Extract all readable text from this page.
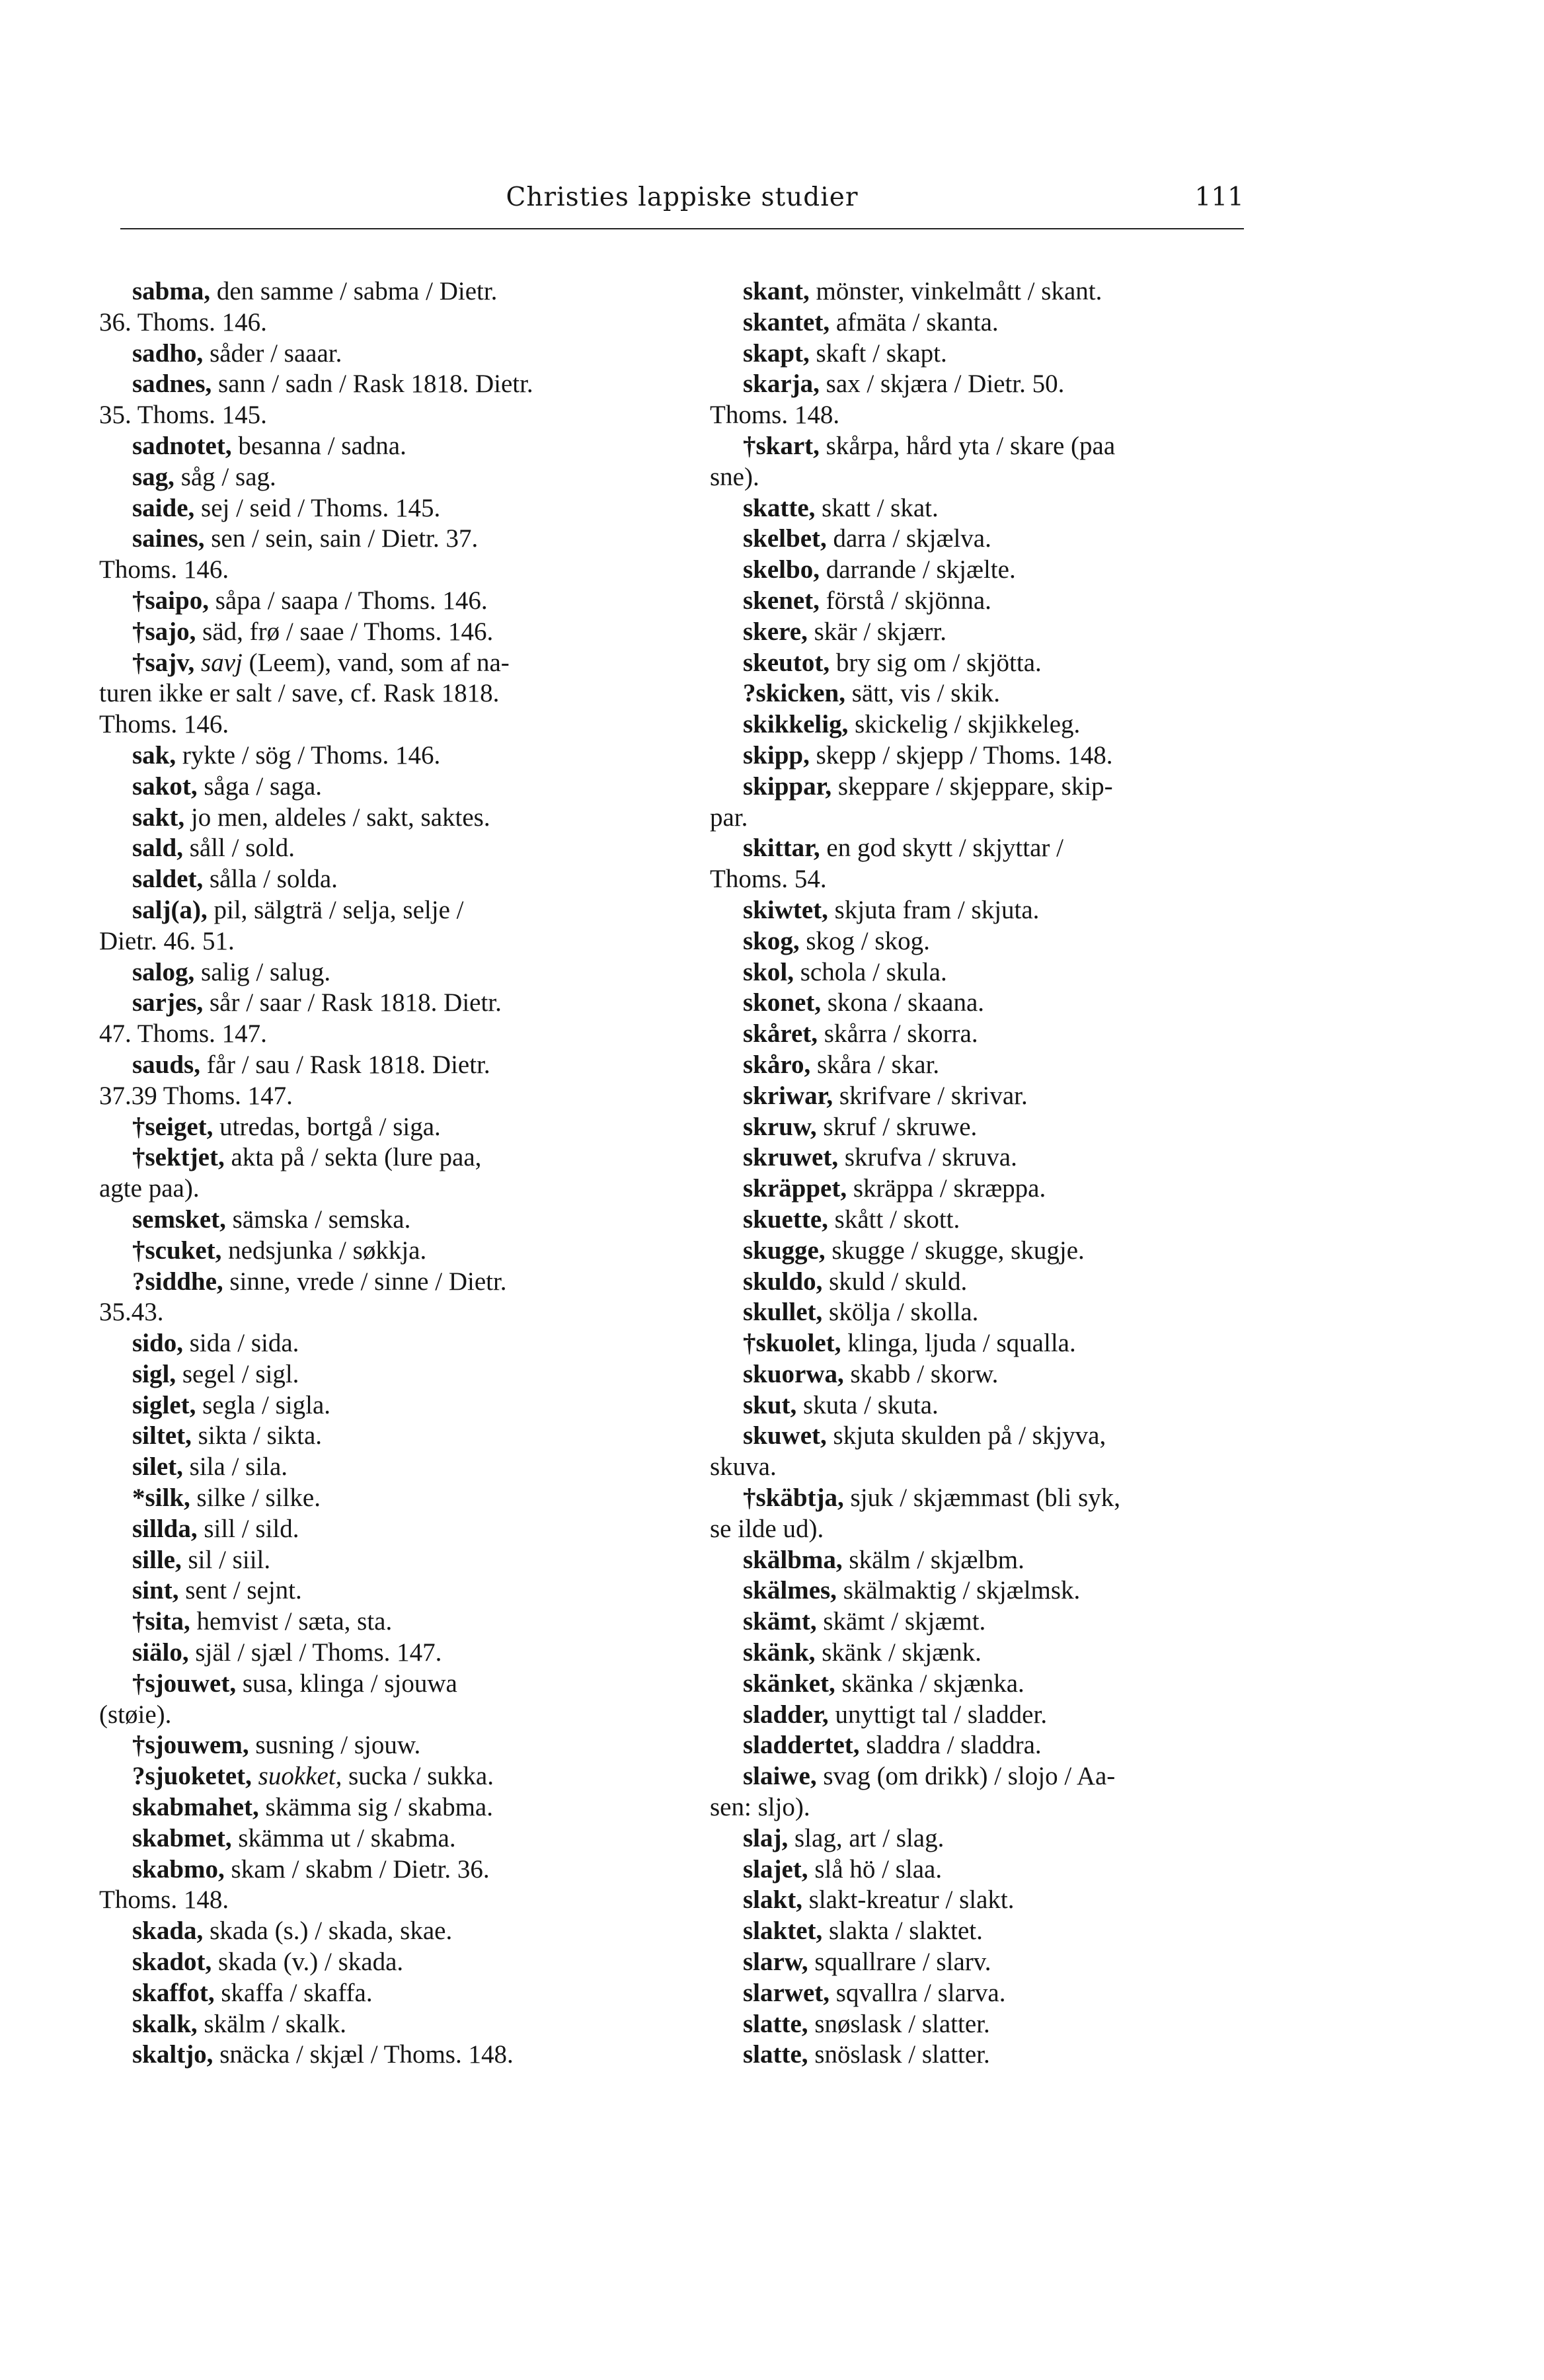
Christies lappiske studier	111
sabma, den samme / sabma / Dietr.
36. Thoms. 146.
sadho, såder / saaar.
sadnes, sann / sadn / Rask 1818. Dietr.
35. Thoms. 145.
sadnotet, besanna / sadna.
sag, såg / sag.
saide, sej / seid / Thoms. 145.
saines, sen / sein, sain / Dietr. 37.
Thoms. 146.
†saipo, såpa / saapa / Thoms. 146.
†sajo, säd, frø / saae / Thoms. 146.
†sajv, savj (Leem), vand, som af na-
turen ikke er salt / save, cf. Rask 1818.
Thoms. 146.
sak, rykte / sög / Thoms. 146.
sakot, såga / saga.
sakt, jo men, aldeles / sakt, saktes.
sald, såll / sold.
saldet, sålla / solda.
salj(a), pil, sälgträ / selja, selje /
Dietr. 46. 51.
salog, salig / salug.
sarjes, sår / saar / Rask 1818. Dietr.
47. Thoms. 147.
sauds, får / sau / Rask 1818. Dietr.
37.39 Thoms. 147.
†seiget, utredas, bortgå / siga.
†sektjet, akta på / sekta (lure paa,
agte paa).
semsket, sämska / semska.
†scuket, nedsjunka / søkkja.
?siddhe, sinne, vrede / sinne / Dietr.
35.43.
sido, sida / sida.
sigl, segel / sigl.
siglet, segla / sigla.
siltet, sikta / sikta.
silet, sila / sila.
*silk, silke / silke.
sillda, sill / sild.
sille, sil / siil.
sint, sent / sejnt.
†sita, hemvist / sæta, sta.
siälo, själ / sjæl / Thoms. 147.
†sjouwet, susa, klinga / sjouwa
(støie).
†sjouwem, susning / sjouw.
?sjuoketet, suokket, sucka / sukka.
skabmahet, skämma sig / skabma.
skabmet, skämma ut / skabma.
skabmo, skam / skabm / Dietr. 36.
Thoms. 148.
skada, skada (s.) / skada, skae.
skadot, skada (v.) / skada.
skaffot, skaffa / skaffa.
skalk, skälm / skalk.
skaltjo, snäcka / skjæl / Thoms. 148.
skant, mönster, vinkelmått / skant.
skantet, afmäta / skanta.
skapt, skaft / skapt.
skarja, sax / skjæra / Dietr. 50.
Thoms. 148.
†skart, skårpa, hård yta / skare (paa
sne).
skatte, skatt / skat.
skelbet, darra / skjælva.
skelbo, darrande / skjælte.
skenet, förstå / skjönna.
skere, skär / skjærr.
skeutot, bry sig om / skjötta.
?skicken, sätt, vis / skik.
skikkelig, skickelig / skjikkeleg.
skipp, skepp / skjepp / Thoms. 148.
skippar, skeppare / skjeppare, skip-
par.
skittar, en god skytt / skjyttar /
Thoms. 54.
skiwtet, skjuta fram / skjuta.
skog, skog / skog.
skol, schola / skula.
skonet, skona / skaana.
skåret, skårra / skorra.
skåro, skåra / skar.
skriwar, skrifvare / skrivar.
skruw, skruf / skruwe.
skruwet, skrufva / skruva.
skräppet, skräppa / skræppa.
skuette, skått / skott.
skugge, skugge / skugge, skugje.
skuldo, skuld / skuld.
skullet, skölja / skolla.
†skuolet, klinga, ljuda / squalla.
skuorwa, skabb / skorw.
skut, skuta / skuta.
skuwet, skjuta skulden på / skjyva,
skuva.
†skäbtja, sjuk / skjæmmast (bli syk,
se ilde ud).
skälbma, skälm / skjælbm.
skälmes, skälmaktig / skjælmsk.
skämt, skämt / skjæmt.
skänk, skänk / skjænk.
skänket, skänka / skjænka.
sladder, unyttigt tal / sladder.
sladdertet, sladdra / sladdra.
slaiwe, svag (om drikk) / slojo / Aa-
sen: sljo).
slaj, slag, art / slag.
slajet, slå hö / slaa.
slakt, slakt-kreatur / slakt.
slaktet, slakta / slaktet.
slarw, squallrare / slarv.
slarwet, sqvallra / slarva.
slatte, snøslask / slatter.
slatte, snöslask / slatter.
